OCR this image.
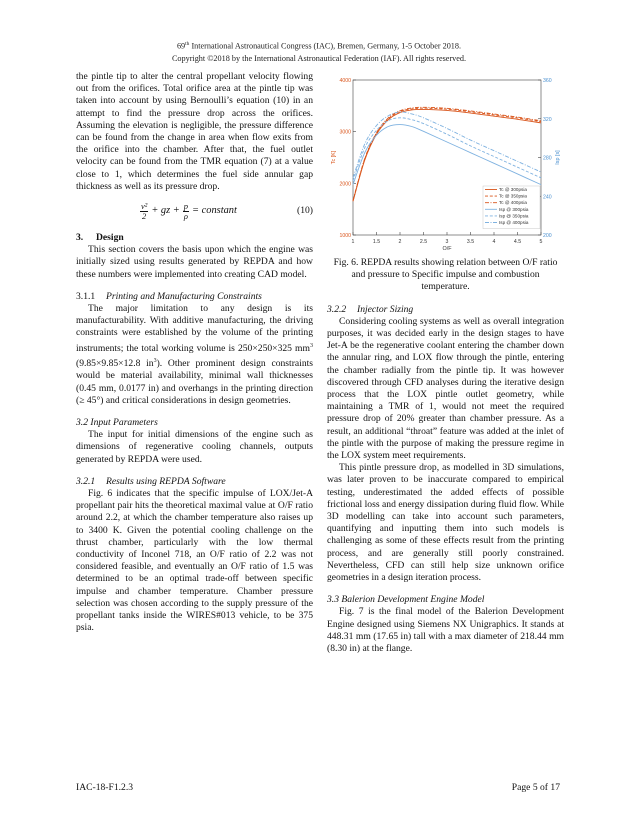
69th International Astronautical Congress (IAC), Bremen, Germany, 1-5 October 2018.
Copyright ©2018 by the International Astronautical Federation (IAF). All rights reserved.

the pintle tip to alter the central propellant velocity flowing out from the orifices. Total orifice area at the pintle tip was taken into account by using Bernoulli’s equation (10) in an attempt to find the pressure drop across the orifices. Assuming the elevation is negligible, the pressure difference can be found from the change in area when flow exits from the orifice into the chamber. After that, the fuel outlet velocity can be found from the TMR equation (7) at a value close to 1, which determines the fuel side annular gap thickness as well as its pressure drop.

$\frac{\text{v²}}{2}$ + gz + $\frac{p}{\rho}$ = constant	(10)
3. Design

This section covers the basis upon which the engine was initially sized using results generated by REPDA and how these numbers were implemented into creating CAD model.

3.1.1 Printing and Manufacturing Constraints

The major limitation to any design is its manufacturability. With additive manufacturing, the driving constraints were established by the volume of the printing instruments; the total working volume is 250×250×325 $mm^3$ (9.85×9.85×12.8 $in^3$). Other prominent design constraints would be material availability, minimal wall thicknesses (0.45 mm, 0.0177 in) and overhangs in the printing direction (≥ 45°) and critical considerations in design geometries.

3.2 Input Parameters

The input for initial dimensions of the engine such as dimensions of regenerative cooling channels, outputs generated by REPDA were used.

3.2.1 Results using REPDA Software

Fig. 6 indicates that the specific impulse of LOX/Jet-A propellant pair hits the theoretical maximal value at O/F ratio around 2.2, at which the chamber temperature also raises up to 3400 K. Given the potential cooling challenge on the thrust chamber, particularly with the low thermal conductivity of Inconel 718, an O/F ratio of 2.2 was not considered feasible, and eventually an O/F ratio of 1.5 was determined to be an optimal trade-off between specific impulse and chamber temperature. Chamber pressure selection was chosen according to the supply pressure of the propellant tanks inside the WIRES#013 vehicle, to be 375 psia.

1	1.5	2	2.5	3	3.5	4	4.5	5
1000
2000
3000
4000
200
240
280
320
360
O/F
Tc [K]	Isp [s]
Tc @ 300psia
Tc @ 350psia
Tc @ 400psia
Isp @ 300psia
Isp @ 350psia
Isp @ 400psia

Fig. 6. REPDA results showing relation between O/F ratio and pressure to Specific impulse and combustion temperature.

3.2.2 Injector Sizing

Considering cooling systems as well as overall integration purposes, it was decided early in the design stages to have Jet-A be the regenerative coolant entering the chamber down the annular ring, and LOX flow through the pintle, entering the chamber radially from the pintle tip. It was however discovered through CFD analyses during the iterative design process that the LOX pintle outlet geometry, while maintaining a TMR of 1, would not meet the required pressure drop of 20% greater than chamber pressure. As a result, an additional “throat” feature was added at the inlet of the pintle with the purpose of making the pressure regime in the LOX system meet requirements.

This pintle pressure drop, as modelled in 3D simulations, was later proven to be inaccurate compared to empirical testing, underestimated the added effects of possible frictional loss and energy dissipation during fluid flow. While 3D modelling can take into account such parameters, quantifying and inputting them into such models is challenging as some of these effects result from the printing process, and are generally still poorly constrained. Nevertheless, CFD can still help size unknown orifice geometries in a design iteration process.

3.3 Balerion Development Engine Model

Fig. 7 is the final model of the Balerion Development Engine designed using Siemens NX Unigraphics. It stands at 448.31 mm (17.65 in) tall with a max diameter of 218.44 mm (8.30 in) at the flange.

IAC-18-F1.2.3	Page 5 of 17
